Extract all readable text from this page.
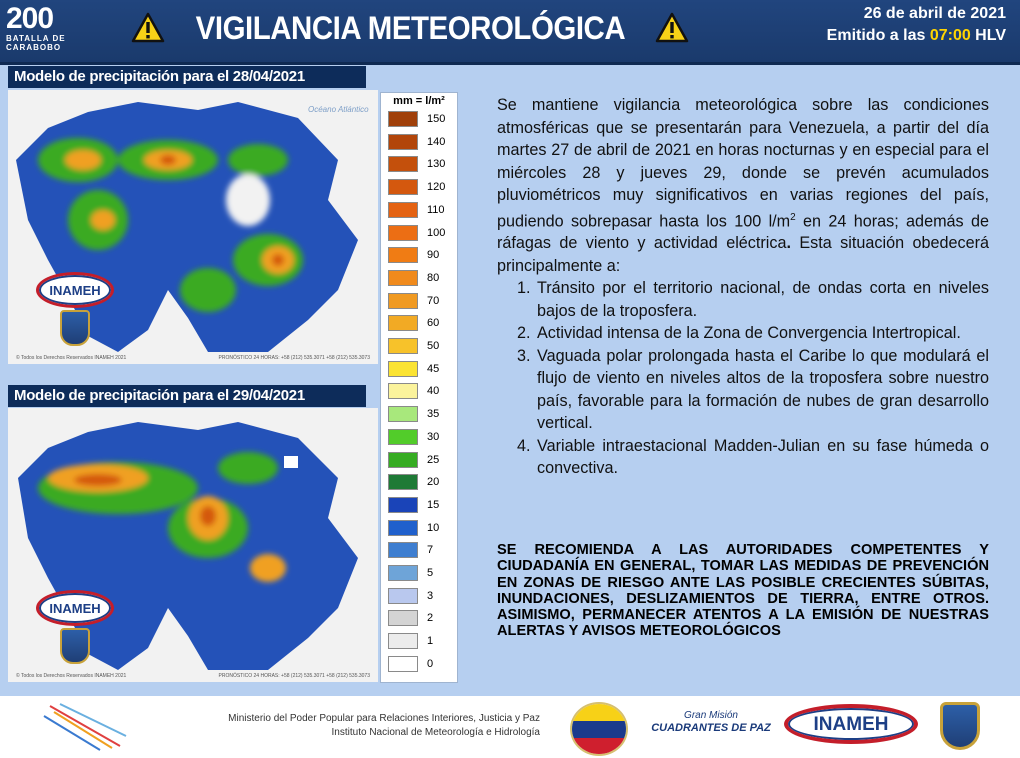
200
BATALLA DE
CARABOBO
VIGILANCIA METEOROLÓGICA	26 de abril de 2021
Emitido a las 07:00 HLV
Modelo de precipitación para el 28/04/2021
Océano Atlántico
INAMEH
© Todos los Derechos Reservados INAMEH 2021	PRONÓSTICO 24 HORAS: +58 (212) 535.3071 +58 (212) 535.3073
Modelo de precipitación para el 29/04/2021
INAMEH
© Todos los Derechos Reservados INAMEH 2021	PRONÓSTICO 24 HORAS: +58 (212) 535.3071 +58 (212) 535.3073
mm = l/m²
150
140
130
120
110
100
90
80
70
60
50
45
40
35
30
25
20
15
10
7
5
3
2
1
0

Se mantiene vigilancia meteorológica sobre las condiciones atmosféricas que se presentarán para Venezuela, a partir del día martes 27 de abril de 2021 en horas nocturnas y en especial para el miércoles 28 y jueves 29, donde se prevén acumulados pluviométricos muy significativos en varias regiones del país, pudiendo sobrepasar hasta los 100 $l/m^2$ en 24 horas; además de ráfagas de viento y actividad eléctrica. Esta situación obedecerá principalmente a:

1. Tránsito por el territorio nacional, de ondas corta en niveles bajos de la troposfera.
2. Actividad intensa de la Zona de Convergencia Intertropical.
3. Vaguada polar prolongada hasta el Caribe lo que modulará el flujo de viento en niveles altos de la troposfera sobre nuestro país, favorable para la formación de nubes de gran desarrollo vertical.
4. Variable intraestacional Madden-Julian en su fase húmeda o convectiva.
SE RECOMIENDA A LAS AUTORIDADES COMPETENTES Y CIUDADANÍA EN GENERAL, TOMAR LAS MEDIDAS DE PREVENCIÓN EN ZONAS DE RIESGO ANTE LAS POSIBLE CRECIENTES SÚBITAS, INUNDACIONES, DESLIZAMIENTOS DE TIERRA, ENTRE OTROS. ASIMISMO, PERMANECER ATENTOS A LA EMISIÓN DE NUESTRAS ALERTAS Y AVISOS METEOROLÓGICOS
Ministerio del Poder Popular para Relaciones Interiores, Justicia y Paz
Instituto Nacional de Meteorología e Hidrología
Gran Misión
CUADRANTES DE PAZ	INAMEH
